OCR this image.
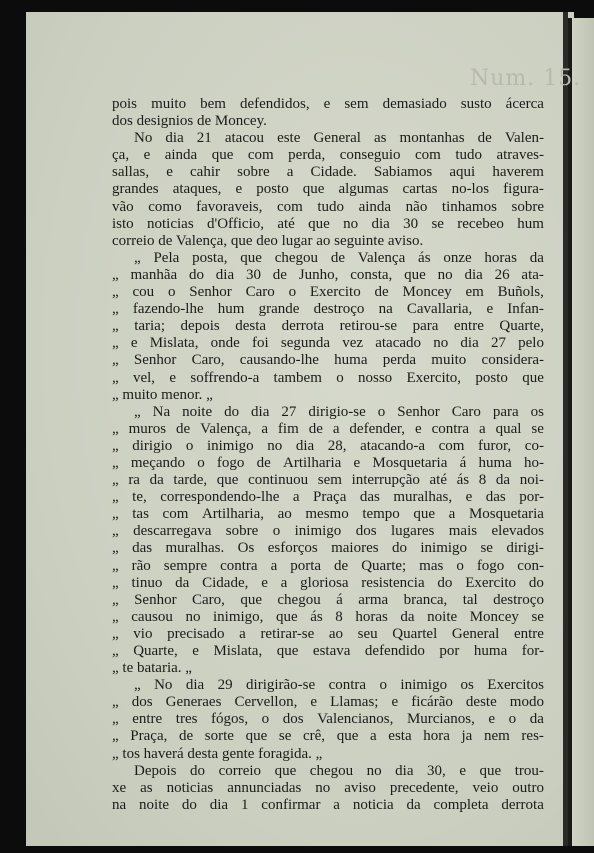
Num. 15.
pois muito bem defendidos, e sem demasiado susto ácerca
dos designios de Moncey.
No dia 21 atacou este General as montanhas de Valen-
ça, e ainda que com perda, conseguio com tudo atraves-
sallas, e cahir sobre a Cidade. Sabiamos aqui haverem
grandes ataques, e posto que algumas cartas no-los figura-
vão como favoraveis, com tudo ainda não tinhamos sobre
isto noticias d'Officio, até que no dia 30 se recebeo hum
correio de Valença, que deo lugar ao seguinte aviso.
„ Pela posta, que chegou de Valença ás onze horas da
„ manhãa do dia 30 de Junho, consta, que no dia 26 ata-
„ cou o Senhor Caro o Exercito de Moncey em Buñols,
„ fazendo-lhe hum grande destroço na Cavallaria, e Infan-
„ taria; depois desta derrota retirou-se para entre Quarte,
„ e Mislata, onde foi segunda vez atacado no dia 27 pelo
„ Senhor Caro, causando-lhe huma perda muito considera-
„ vel, e soffrendo-a tambem o nosso Exercito, posto que
„ muito menor. „
„ Na noite do dia 27 dirigio-se o Senhor Caro para os
„ muros de Valença, a fim de a defender, e contra a qual se
„ dirigio o inimigo no dia 28, atacando-a com furor, co-
„ meçando o fogo de Artilharia e Mosquetaria á huma ho-
„ ra da tarde, que continuou sem interrupção até ás 8 da noi-
„ te, correspondendo-lhe a Praça das muralhas, e das por-
„ tas com Artilharia, ao mesmo tempo que a Mosquetaria
„ descarregava sobre o inimigo dos lugares mais elevados
„ das muralhas. Os esforços maiores do inimigo se dirigi-
„ rão sempre contra a porta de Quarte; mas o fogo con-
„ tinuo da Cidade, e a gloriosa resistencia do Exercito do
„ Senhor Caro, que chegou á arma branca, tal destroço
„ causou no inimigo, que ás 8 horas da noite Moncey se
„ vio precisado a retirar-se ao seu Quartel General entre
„ Quarte, e Mislata, que estava defendido por huma for-
„ te bataria. „
„ No dia 29 dirigirão-se contra o inimigo os Exercitos
„ dos Generaes Cervellon, e Llamas; e ficárão deste modo
„ entre tres fógos, o dos Valencianos, Murcianos, e o da
„ Praça, de sorte que se crê, que a esta hora ja nem res-
„ tos haverá desta gente foragida. „
Depois do correio que chegou no dia 30, e que trou-
xe as noticias annunciadas no aviso precedente, veio outro
na noite do dia 1 confirmar a noticia da completa derrota
